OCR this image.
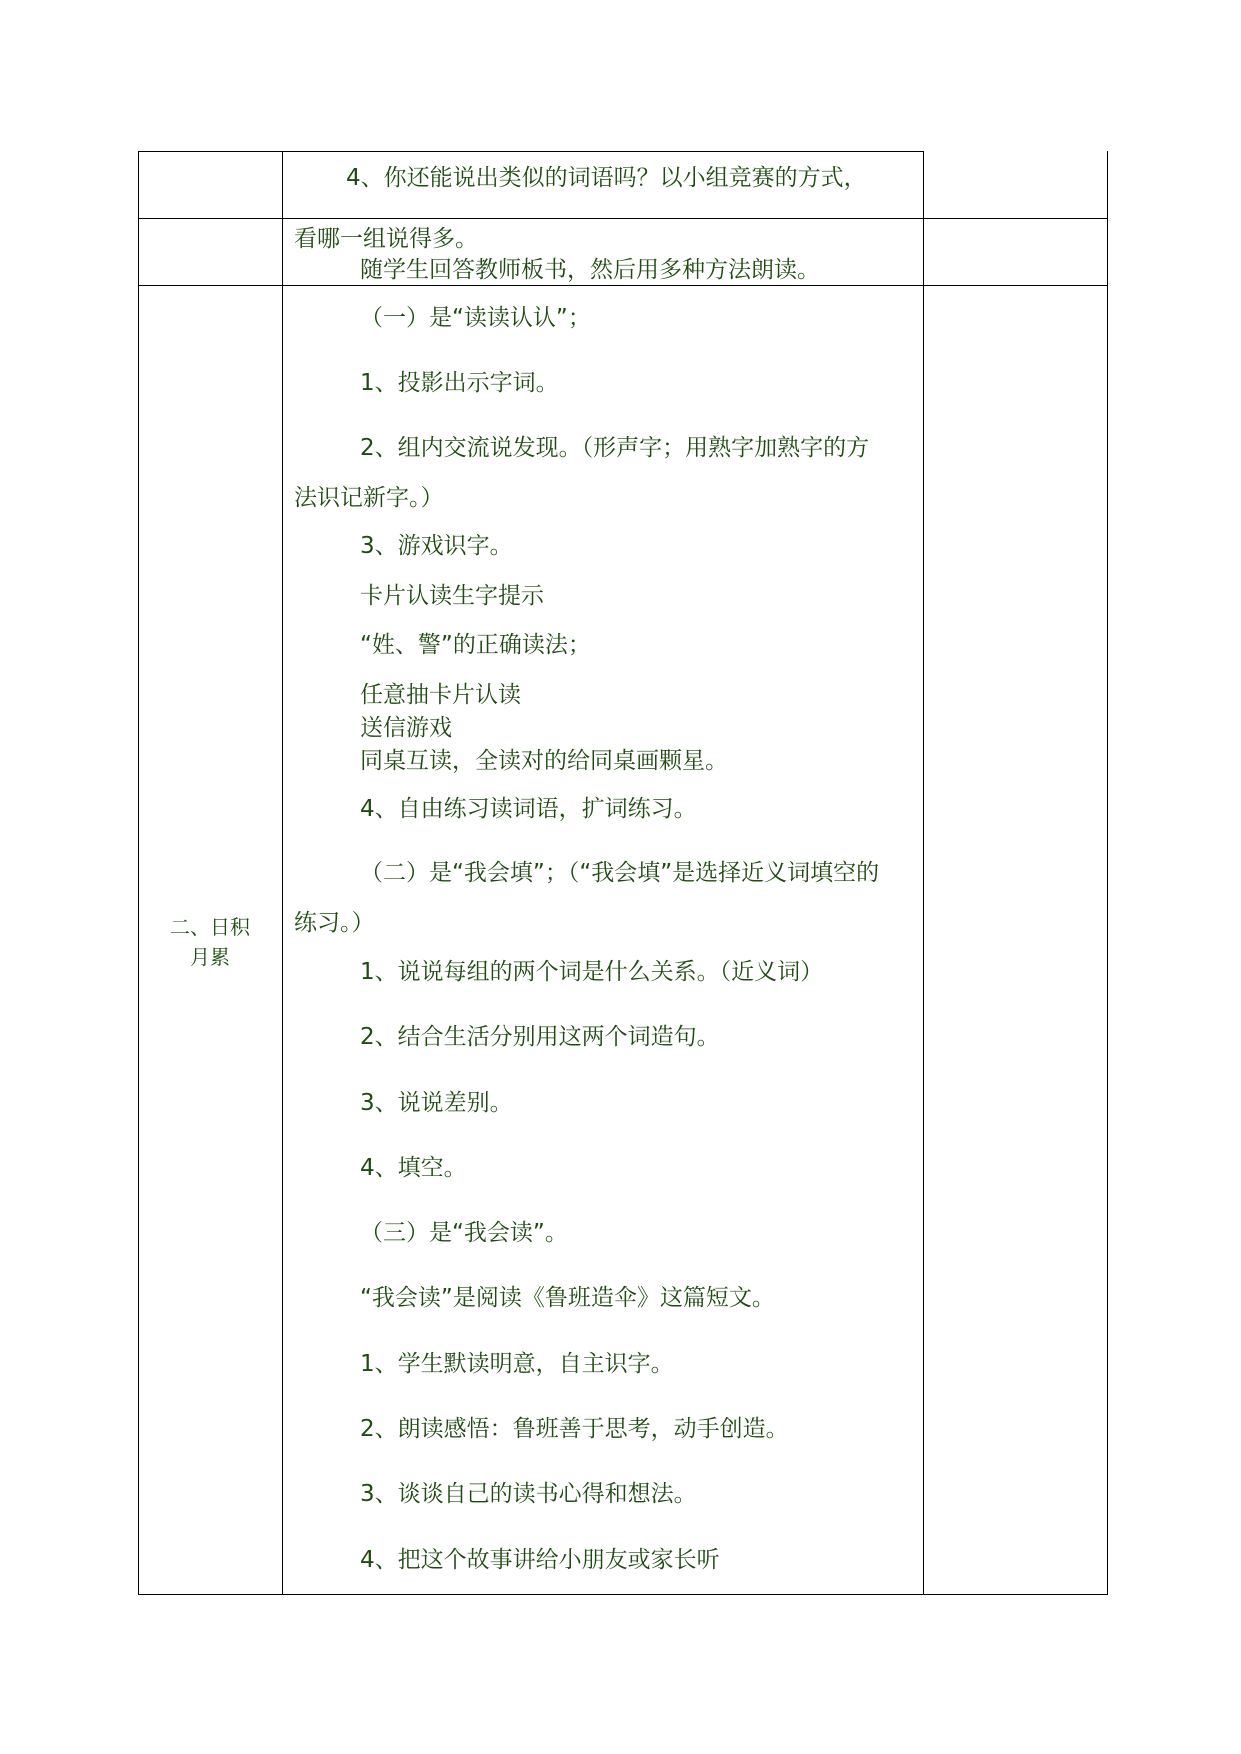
4、你还能说出类似的词语吗？以小组竞赛的方式，
看哪一组说得多。
随学生回答教师板书，然后用多种方法朗读。
二、日积
月累
（一）是“读读认认”；
1、投影出示字词。
2、组内交流说发现。（形声字；用熟字加熟字的方
法识记新字。）
3、游戏识字。
卡片认读生字提示
“姓、警”的正确读法；
任意抽卡片认读
送信游戏
同桌互读，全读对的给同桌画颗星。
4、自由练习读词语，扩词练习。
（二）是“我会填”；（“我会填”是选择近义词填空的
练习。）
1、说说每组的两个词是什么关系。（近义词）
2、结合生活分别用这两个词造句。
3、说说差别。
4、填空。
（三）是“我会读”。
“我会读”是阅读《鲁班造伞》这篇短文。
1、学生默读明意，自主识字。
2、朗读感悟：鲁班善于思考，动手创造。
3、谈谈自己的读书心得和想法。
4、把这个故事讲给小朋友或家长听
